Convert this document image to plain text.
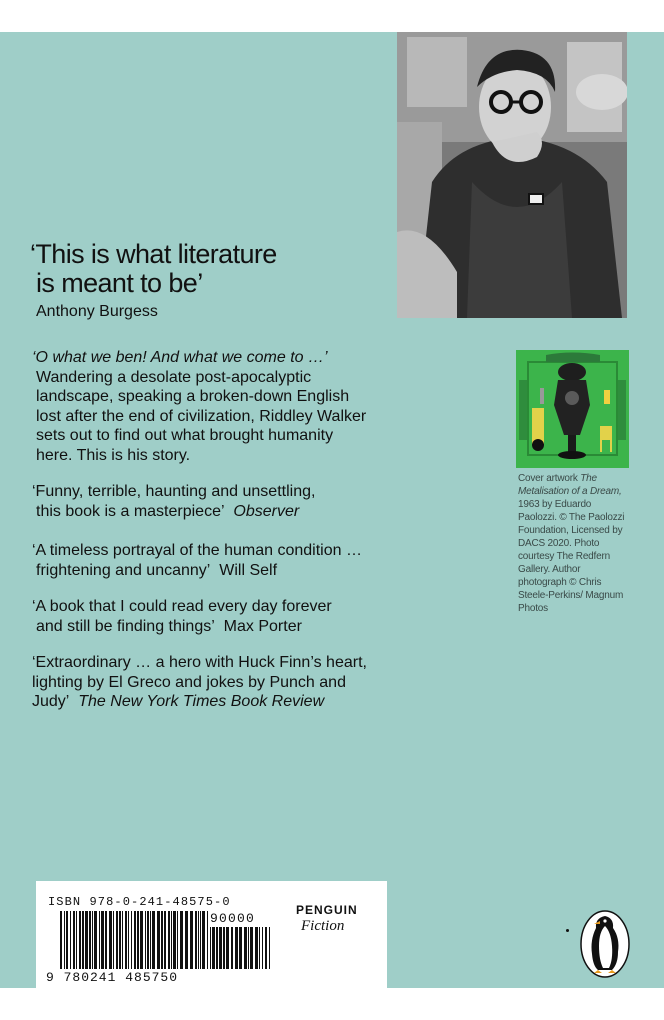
‘This is what literature
is meant to be’
Anthony Burgess
‘O what we ben! And what we come to …’
Wandering a desolate post-apocalyptic
landscape, speaking a broken-down English
lost after the end of civilization, Riddley Walker
sets out to find out what brought humanity
here. This is his story.
‘Funny, terrible, haunting and unsettling,
this book is a masterpiece’ Observer
‘A timeless portrayal of the human condition …
frightening and uncanny’ Will Self
‘A book that I could read every day forever
and still be finding things’ Max Porter
‘Extraordinary … a hero with Huck Finn’s heart,
lighting by El Greco and jokes by Punch and
Judy’ The New York Times Book Review
Cover artwork The Metalisation of a Dream, 1963 by Eduardo Paolozzi. © The Paolozzi Foundation, Licensed by DACS 2020. Photo courtesy The Redfern Gallery. Author photograph © Chris Steele-Perkins/ Magnum Photos
ISBN 978-0-241-48575-0
90000
9 780241 485750
PENGUIN
Fiction
